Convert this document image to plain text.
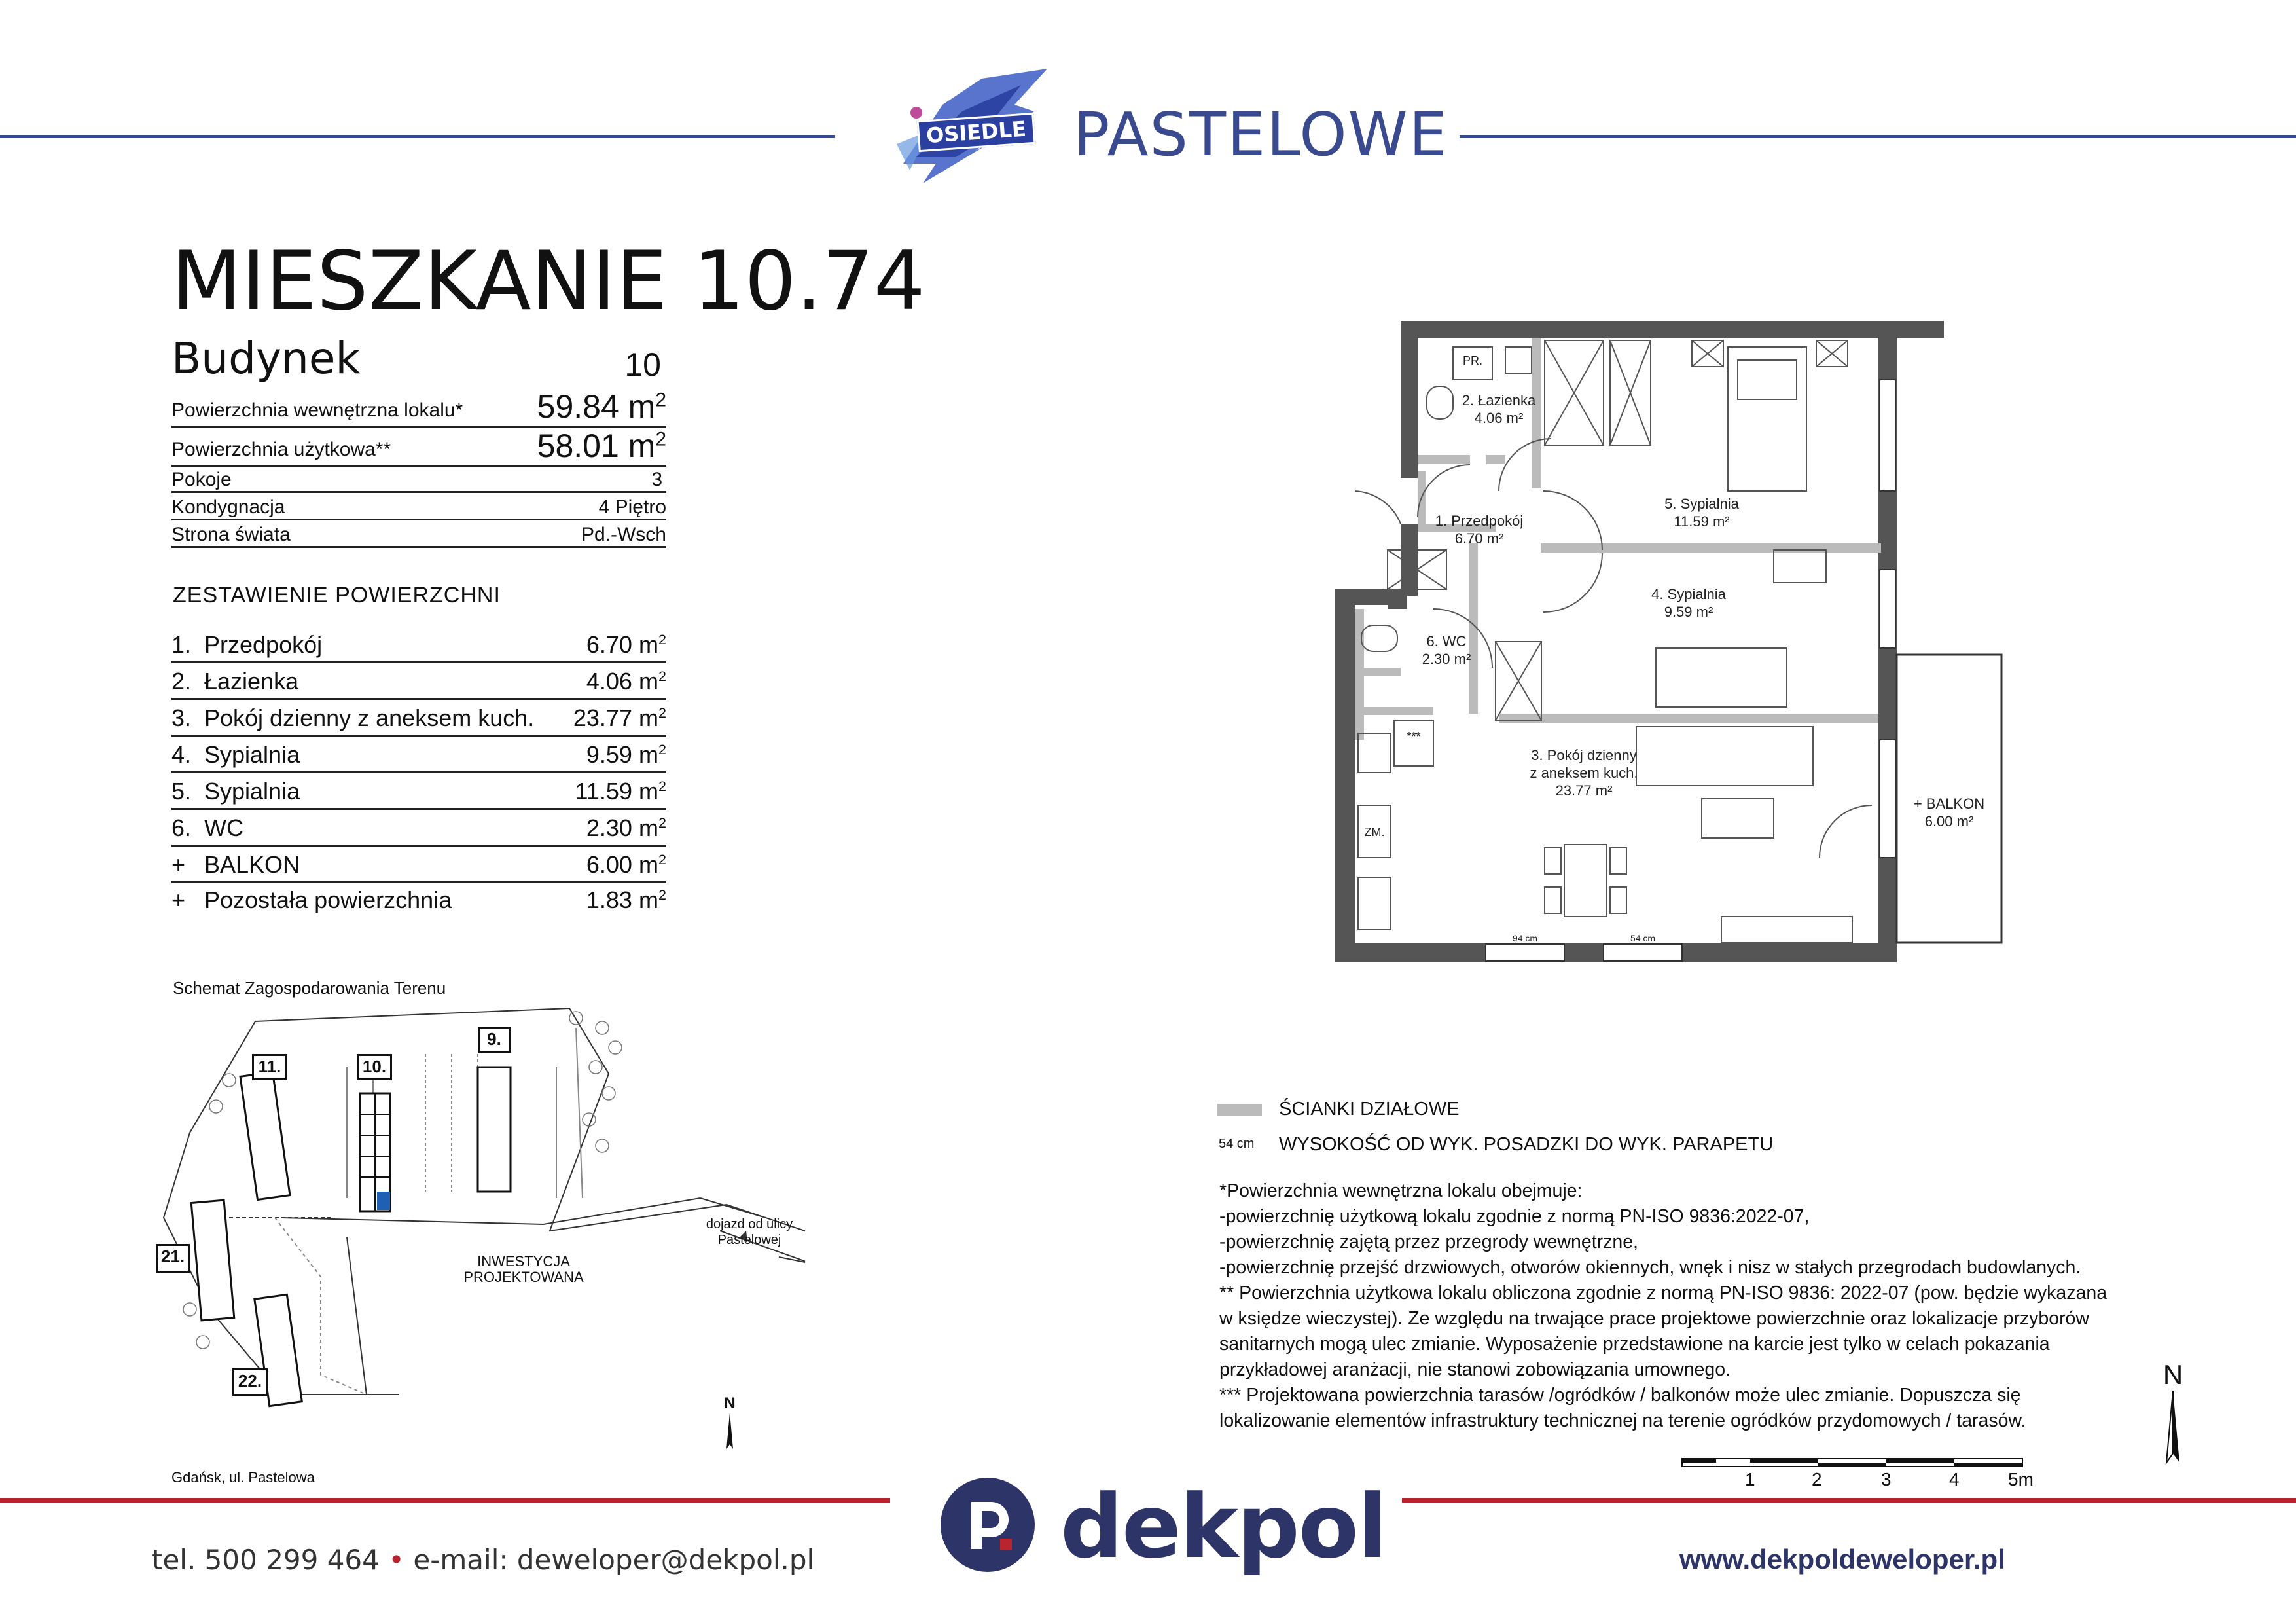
OSIEDLE PASTELOWE
MIESZKANIE 10.74
Budynek	10
Powierzchnia wewnętrzna lokalu* 59.84 $m^2$
Powierzchnia użytkowa**	58.01 $m^2$
Pokoje	3
Kondygnacja	4 Piętro
Strona świata	Pd.-Wsch
ZESTAWIENIE POWIERZCHNI
1. Przedpokój	6.70 $m^2$
2. Łazienka	4.06 $m^2$
3. Pokój dzienny z aneksem kuch.	23.77 $m^2$
4. Sypialnia	9.59 $m^2$
5. Sypialnia	11.59 $m^2$
6. WC	2.30 $m^2$
+ BALKON	6.00 $m^2$
+ Pozostała powierzchnia	1.83 $m^2$
Schemat Zagospodarowania Terenu
11.	10.
9.
21.
22.
INWESTYCJA
PROJEKTOWANA
dojazd od ulicy
Pastelowej
N
Gdańsk, ul. Pastelowa
2. Łazienka
4.06 m²
1. Przedpokój
6.70 m²
5. Sypialnia
11.59 m²
4. Sypialnia
9.59 m²
6. WC
2.30 m²
3. Pokój dzienny
z aneksem kuch.
23.77 m²
+ BALKON
6.00 m²
PR.
ZM.
***
94 cm	54 cm
ŚCIANKI DZIAŁOWE
54 cm WYSOKOŚĆ OD WYK. POSADZKI DO WYK. PARAPETU
*Powierzchnia wewnętrzna lokalu obejmuje:
-powierzchnię użytkową lokalu zgodnie z normą PN-ISO 9836:2022-07,
-powierzchnię zajętą przez przegrody wewnętrzne,
-powierzchnię przejść drzwiowych, otworów okiennych, wnęk i nisz w stałych przegrodach budowlanych.
** Powierzchnia użytkowa lokalu obliczona zgodnie z normą PN-ISO 9836: 2022-07 (pow. będzie wykazana
w księdze wieczystej). Ze względu na trwające prace projektowe powierzchnie oraz lokalizacje przyborów
sanitarnych mogą ulec zmianie. Wyposażenie przedstawione na karcie jest tylko w celach pokazania
przykładowej aranżacji, nie stanowi zobowiązania umownego.
*** Projektowana powierzchnia tarasów /ogródków / balkonów może ulec zmianie. Dopuszcza się
lokalizowanie elementów infrastruktury technicznej na terenie ogródków przydomowych / tarasów.
1	2	3	4	5m
N
dekpol
tel. 500 299 464 • e-mail: deweloper@dekpol.pl	www.dekpoldeweloper.pl
